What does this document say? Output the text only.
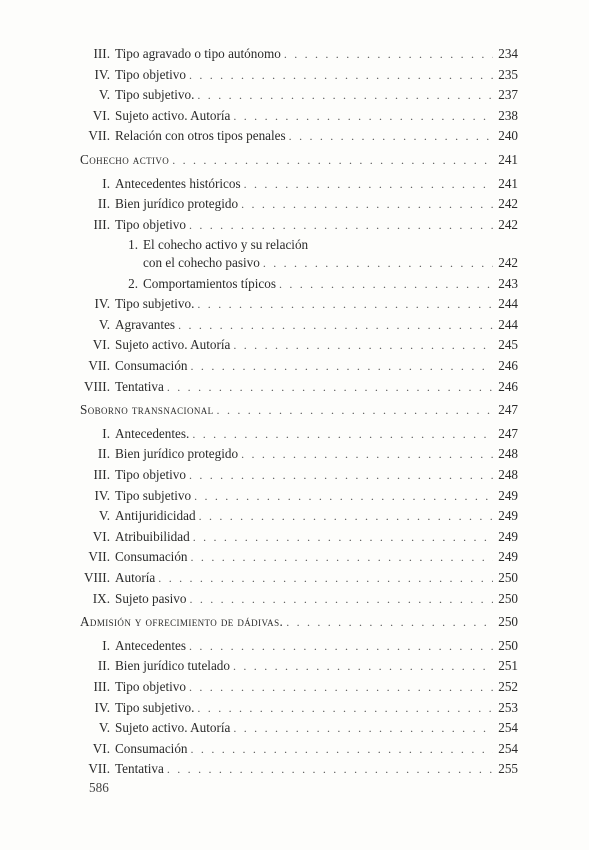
III. Tipo agravado o tipo autónomo . . .	234
IV. Tipo objetivo . . .	235
V. Tipo subjetivo. . . .	237
VI. Sujeto activo. Autoría . . .	238
VII. Relación con otros tipos penales . . .	240
Cohecho activo . . .	241
I. Antecedentes históricos . . .	241
II. Bien jurídico protegido . . .	242
III. Tipo objetivo . . .	242
1. El cohecho activo y su relación
con el cohecho pasivo . . .	242
2. Comportamientos típicos . . .	243
IV. Tipo subjetivo. . . .	244
V. Agravantes . . .	244
VI. Sujeto activo. Autoría . . .	245
VII. Consumación . . .	246
VIII. Tentativa . . .	246
Soborno transnacional . . .	247
I. Antecedentes. . . .	247
II. Bien jurídico protegido . . .	248
III. Tipo objetivo . . .	248
IV. Tipo subjetivo . . .	249
V. Antijuridicidad . . .	249
VI. Atribuibilidad . . .	249
VII. Consumación . . .	249
VIII. Autoría . . .	250
IX. Sujeto pasivo . . .	250
Admisión y ofrecimiento de dádivas. . . .	250
I. Antecedentes . . .	250
II. Bien jurídico tutelado . . .	251
III. Tipo objetivo . . .	252
IV. Tipo subjetivo. . . .	253
V. Sujeto activo. Autoría . . .	254
VI. Consumación . . .	254
VII. Tentativa . . .	255
586
